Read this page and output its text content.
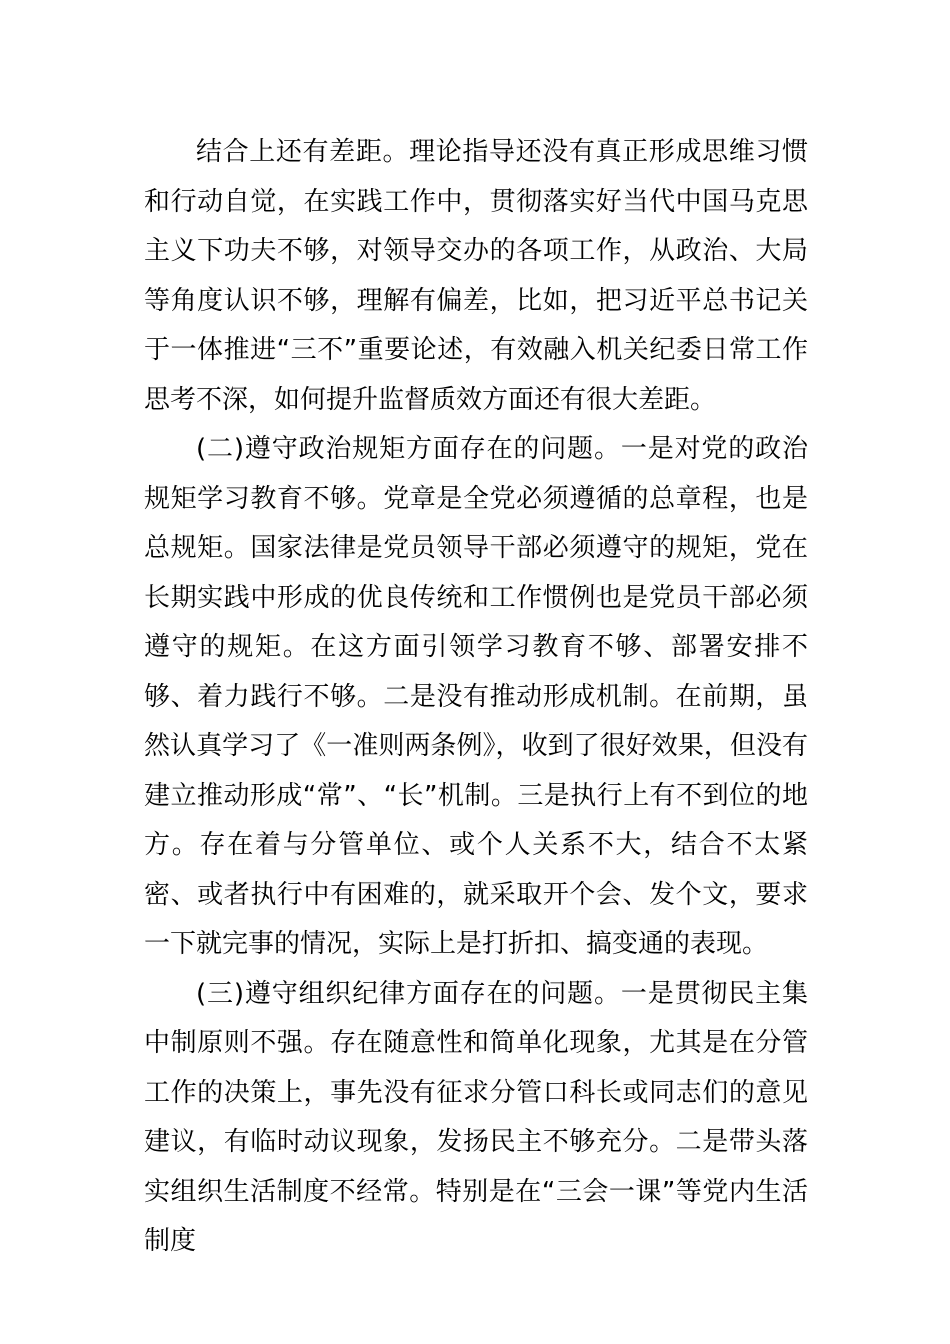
结合上还有差距。理论指导还没有真正形成思维习惯和行动自觉，在实践工作中，贯彻落实好当代中国马克思主义下功夫不够，对领导交办的各项工作，从政治、大局等角度认识不够，理解有偏差，比如，把习近平总书记关于一体推进“三不”重要论述，有效融入机关纪委日常工作思考不深，如何提升监督质效方面还有很大差距。

(二)遵守政治规矩方面存在的问题。一是对党的政治规矩学习教育不够。党章是全党必须遵循的总章程，也是总规矩。国家法律是党员领导干部必须遵守的规矩，党在长期实践中形成的优良传统和工作惯例也是党员干部必须遵守的规矩。在这方面引领学习教育不够、部署安排不够、着力践行不够。二是没有推动形成机制。在前期，虽然认真学习了《一准则两条例》，收到了很好效果，但没有建立推动形成“常”、“长”机制。三是执行上有不到位的地方。存在着与分管单位、或个人关系不大，结合不太紧密、或者执行中有困难的，就采取开个会、发个文，要求一下就完事的情况，实际上是打折扣、搞变通的表现。

(三)遵守组织纪律方面存在的问题。一是贯彻民主集中制原则不强。存在随意性和简单化现象，尤其是在分管工作的决策上，事先没有征求分管口科长或同志们的意见建议，有临时动议现象，发扬民主不够充分。二是带头落实组织生活制度不经常。特别是在“三会一课”等党内生活制度
